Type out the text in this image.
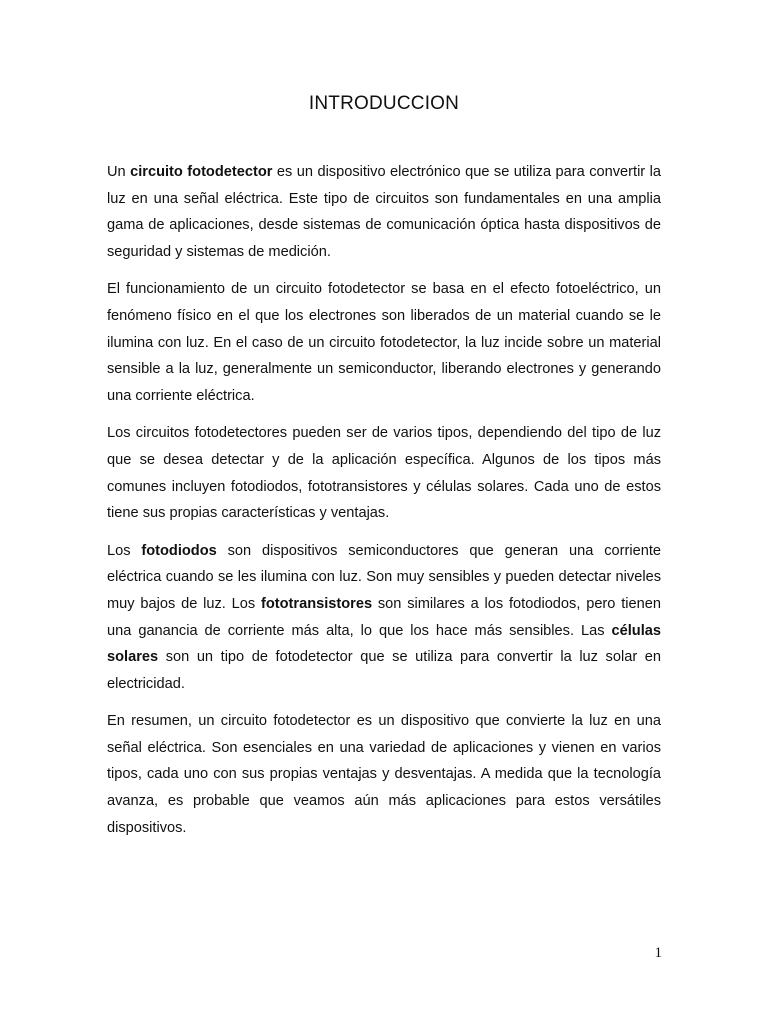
INTRODUCCION

Un circuito fotodetector es un dispositivo electrónico que se utiliza para convertir la luz en una señal eléctrica. Este tipo de circuitos son fundamentales en una amplia gama de aplicaciones, desde sistemas de comunicación óptica hasta dispositivos de seguridad y sistemas de medición.

El funcionamiento de un circuito fotodetector se basa en el efecto fotoeléctrico, un fenómeno físico en el que los electrones son liberados de un material cuando se le ilumina con luz. En el caso de un circuito fotodetector, la luz incide sobre un material sensible a la luz, generalmente un semiconductor, liberando electrones y generando una corriente eléctrica.

Los circuitos fotodetectores pueden ser de varios tipos, dependiendo del tipo de luz que se desea detectar y de la aplicación específica. Algunos de los tipos más comunes incluyen fotodiodos, fototransistores y células solares. Cada uno de estos tiene sus propias características y ventajas.

Los fotodiodos son dispositivos semiconductores que generan una corriente eléctrica cuando se les ilumina con luz. Son muy sensibles y pueden detectar niveles muy bajos de luz. Los fototransistores son similares a los fotodiodos, pero tienen una ganancia de corriente más alta, lo que los hace más sensibles. Las células solares son un tipo de fotodetector que se utiliza para convertir la luz solar en electricidad.

En resumen, un circuito fotodetector es un dispositivo que convierte la luz en una señal eléctrica. Son esenciales en una variedad de aplicaciones y vienen en varios tipos, cada uno con sus propias ventajas y desventajas. A medida que la tecnología avanza, es probable que veamos aún más aplicaciones para estos versátiles dispositivos.

1
